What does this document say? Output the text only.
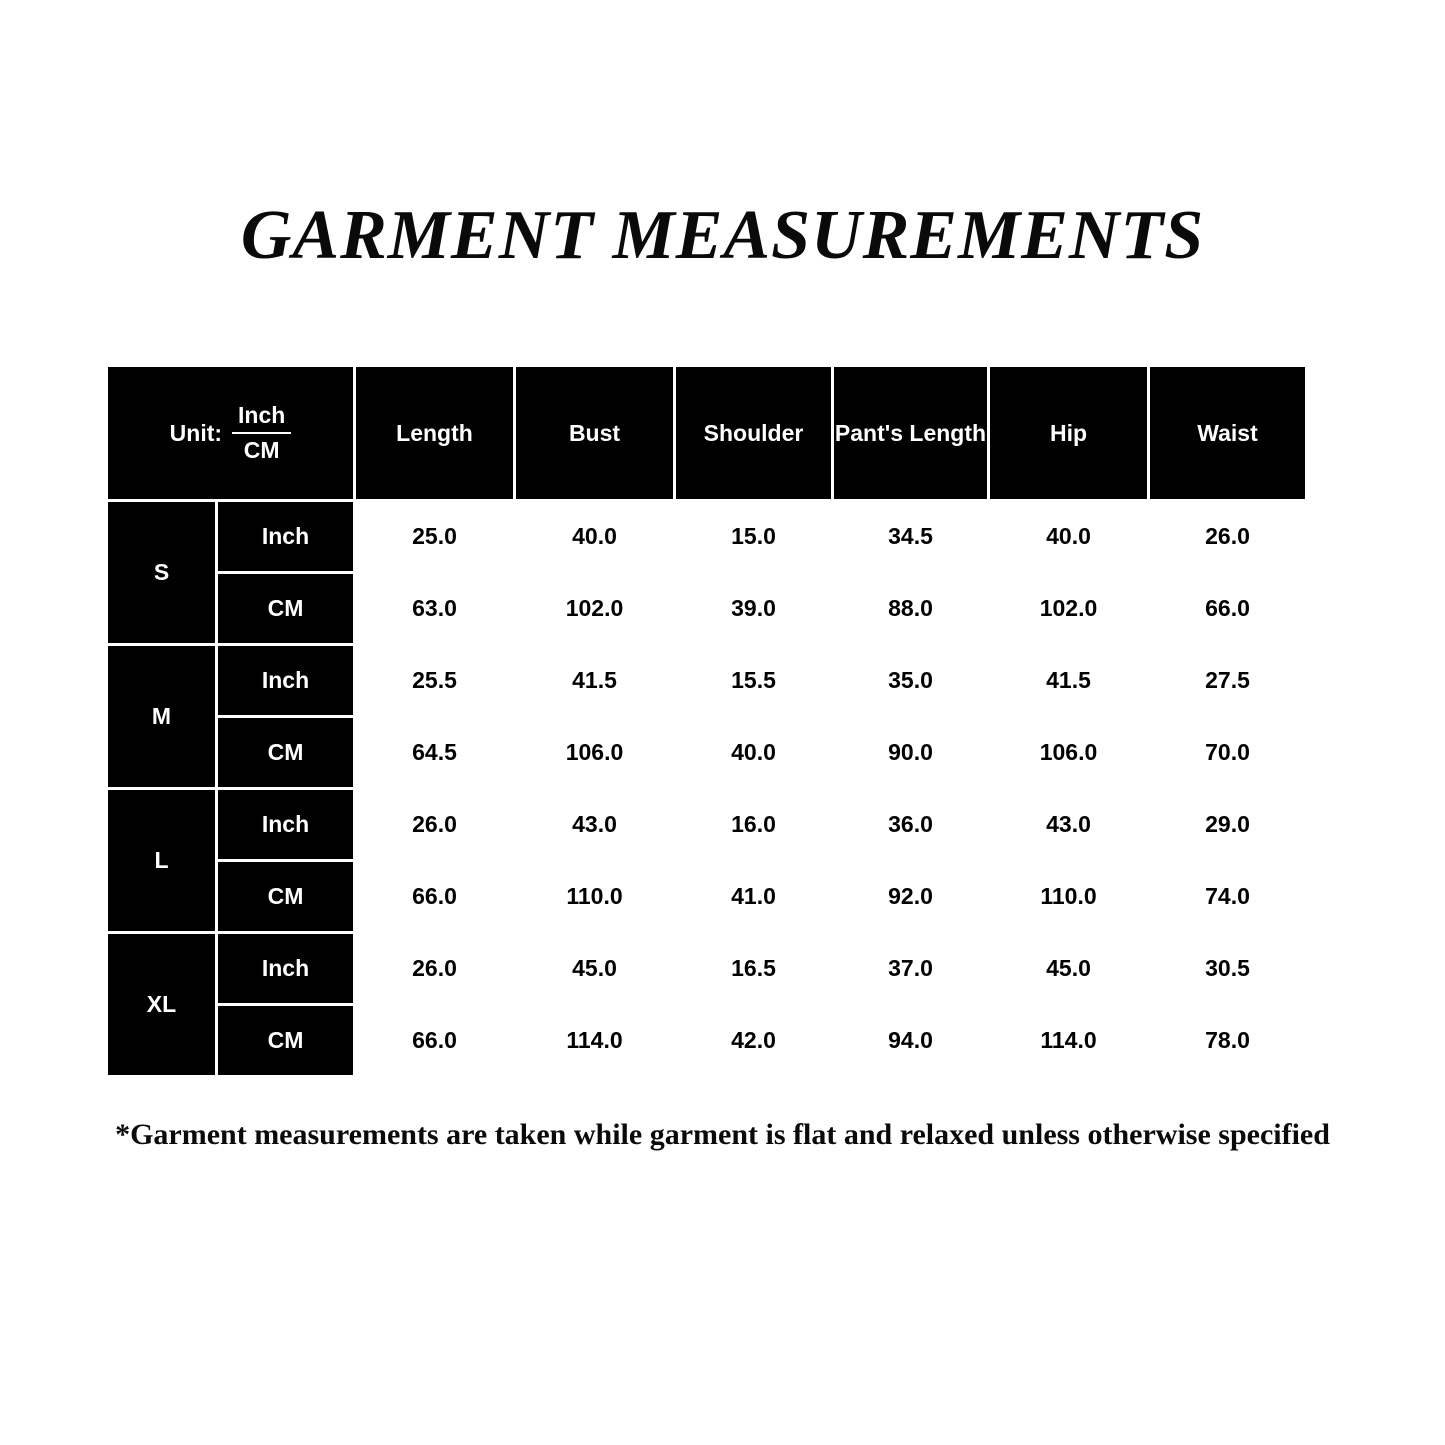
GARMENT MEASUREMENTS
Unit: $\frac{\text{Inch}}{CM}$		Length	Bust	Shoulder	Pant's Length	Hip	Waist
S	Inch	25.0	40.0	15.0	34.5	40.0	26.0
	CM	63.0	102.0	39.0	88.0	102.0	66.0
M	Inch	25.5	41.5	15.5	35.0	41.5	27.5
	CM	64.5	106.0	40.0	90.0	106.0	70.0
L	Inch	26.0	43.0	16.0	36.0	43.0	29.0
	CM	66.0	110.0	41.0	92.0	110.0	74.0
XL	Inch	26.0	45.0	16.5	37.0	45.0	30.5
	CM	66.0	114.0	42.0	94.0	114.0	78.0
*Garment measurements are taken while garment is flat and relaxed unless otherwise specified
